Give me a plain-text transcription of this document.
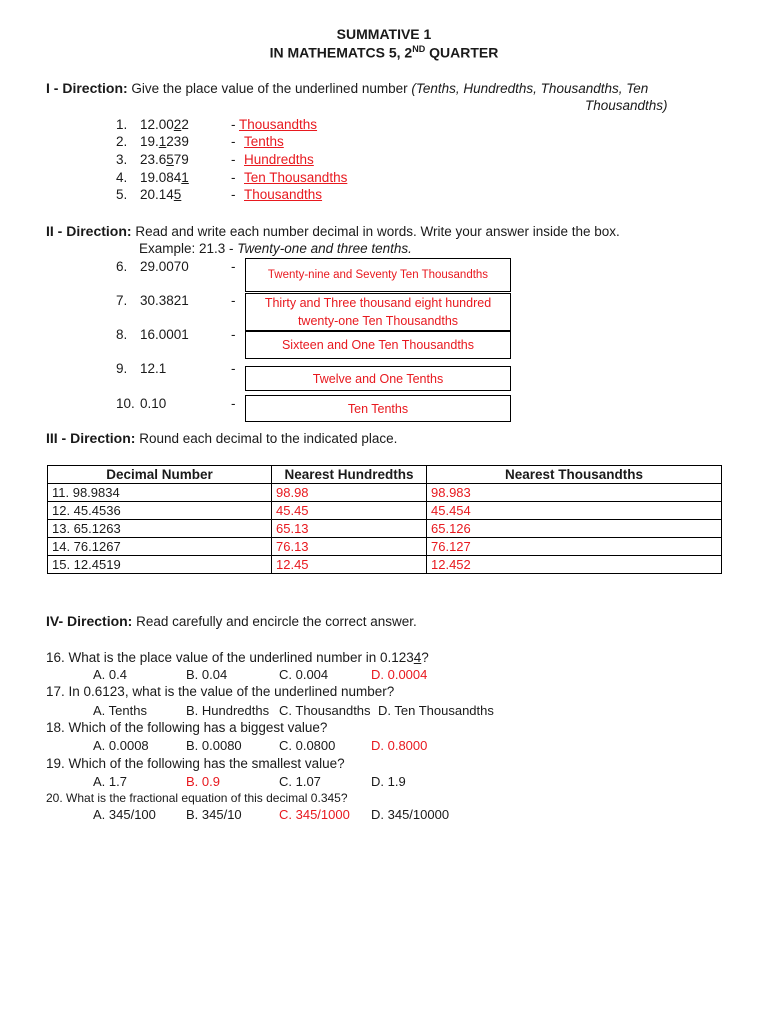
SUMMATIVE 1
IN MATHEMATCS 5, 2ND QUARTER
I - Direction: Give the place value of the underlined number (Tenths, Hundredths, Thousandths, Ten
Thousandths)
1. 12.0022	- Thousandths
2. 19.1239	- Tenths
3. 23.6579	- Hundredths
4. 19.0841	- Ten Thousandths
5. 20.145	- Thousandths
II - Direction: Read and write each number decimal in words. Write your answer inside the box.
Example: 21.3 - Twenty-one and three tenths.
6. 29.0070	-
Twenty-nine and Seventy Ten Thousandths
7. 30.3821	-	Thirty and Three thousand eight hundred twenty-one Ten Thousandths
8. 16.0001	-
Sixteen and One Ten Thousandths
9. 12.1	-
Twelve and One Tenths
10. 0.10	-	Ten Tenths
III - Direction: Round each decimal to the indicated place.
Decimal Number	Nearest Hundredths	Nearest Thousandths
11. 98.9834	98.98	98.983
12. 45.4536	45.45	45.454
13. 65.1263	65.13	65.126
14. 76.1267	76.13	76.127
15. 12.4519	12.45	12.452
IV- Direction: Read carefully and encircle the correct answer.
16. What is the place value of the underlined number in 0.1234?
A. 0.4	B. 0.04	C. 0.004	D. 0.0004
17. In 0.6123, what is the value of the underlined number?
A. Tenths	B. Hundredths C. Thousandths D. Ten Thousandths
18. Which of the following has a biggest value?
A. 0.0008	B. 0.0080	C. 0.0800	D. 0.8000
19. Which of the following has the smallest value?
A. 1.7	B. 0.9	C. 1.07	D. 1.9
20. What is the fractional equation of this decimal 0.345?
A. 345/100 B. 345/10	C. 345/1000 D. 345/10000
